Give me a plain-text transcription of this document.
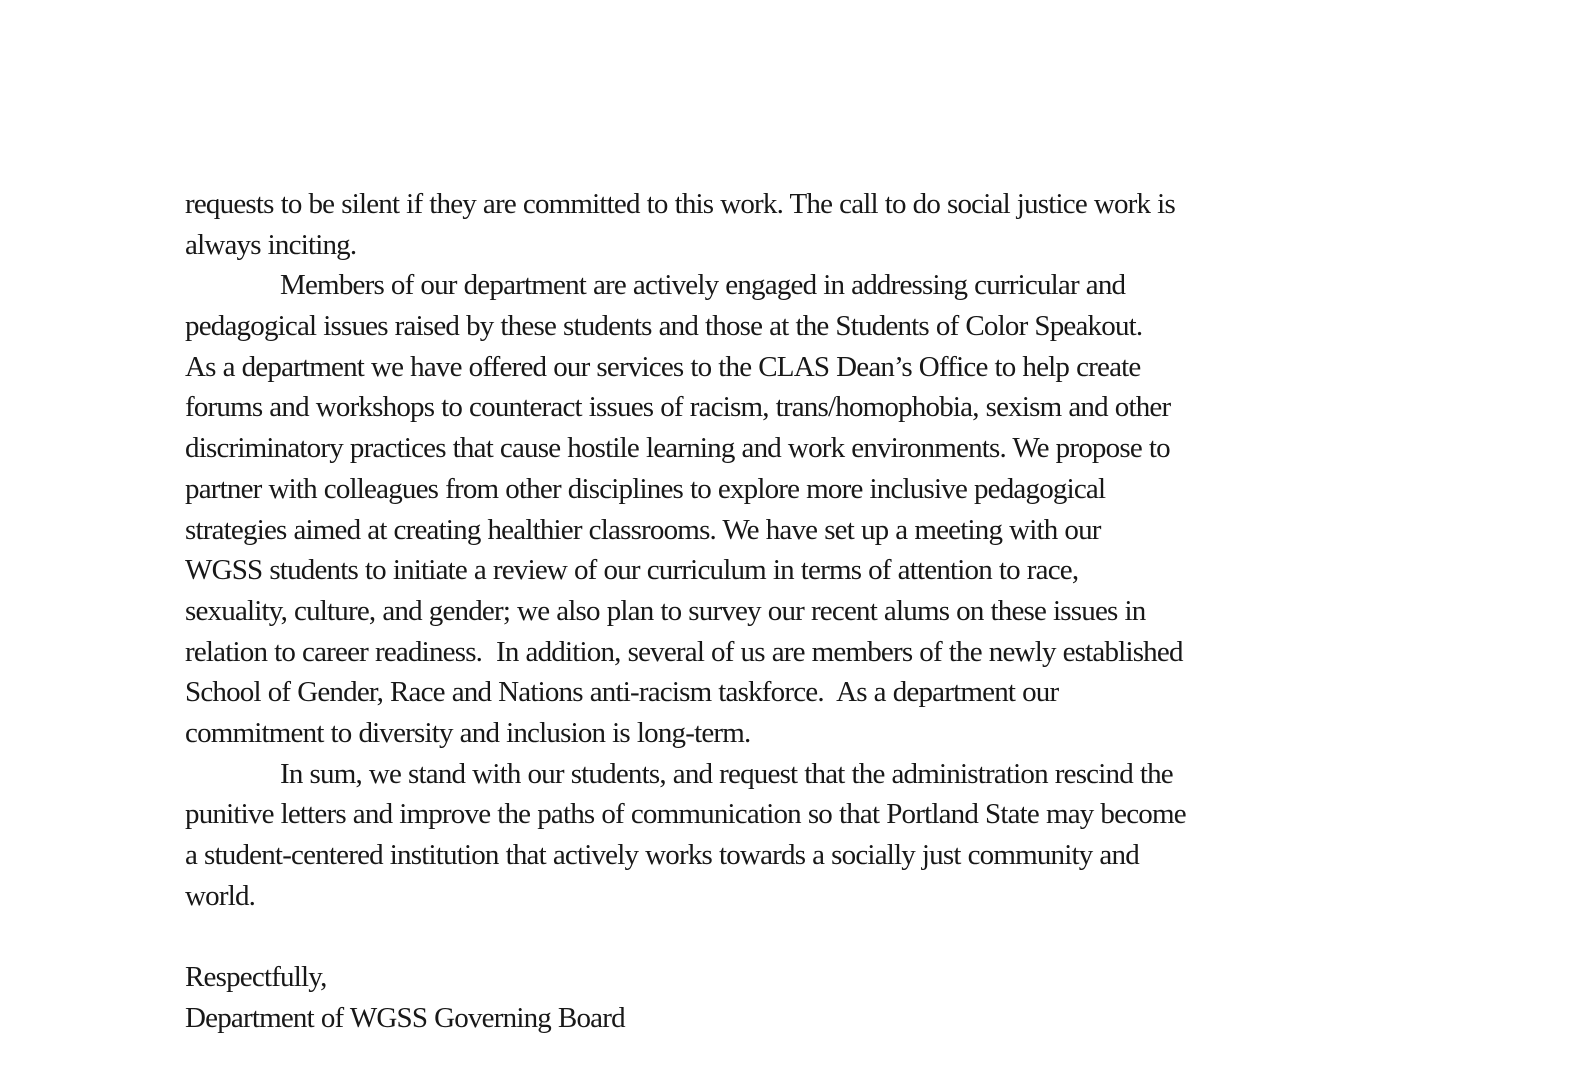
requests to be silent if they are committed to this work. The call to do social justice work is
always inciting.
Members of our department are actively engaged in addressing curricular and
pedagogical issues raised by these students and those at the Students of Color Speakout.
As a department we have offered our services to the CLAS Dean’s Office to help create
forums and workshops to counteract issues of racism, trans/homophobia, sexism and other
discriminatory practices that cause hostile learning and work environments. We propose to
partner with colleagues from other disciplines to explore more inclusive pedagogical
strategies aimed at creating healthier classrooms. We have set up a meeting with our
WGSS students to initiate a review of our curriculum in terms of attention to race,
sexuality, culture, and gender; we also plan to survey our recent alums on these issues in
relation to career readiness.  In addition, several of us are members of the newly established
School of Gender, Race and Nations anti-racism taskforce.  As a department our
commitment to diversity and inclusion is long-term.
In sum, we stand with our students, and request that the administration rescind the
punitive letters and improve the paths of communication so that Portland State may become
a student-centered institution that actively works towards a socially just community and
world.
Respectfully,
Department of WGSS Governing Board
